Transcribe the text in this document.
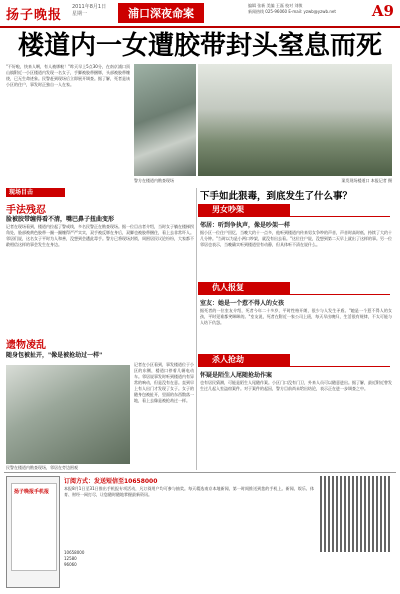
扬子晚报
2011年8月1日
星期一	浦口深夜命案
编辑 张新 美编 王磊 校对 刘敏
新闻热线 025-96060 E-mail: yzwb@yzwb.net	A9
楼道内一女遭胶带封头窒息而死
"不好啦，快来人啊，有人被绑啦！"昨天早上5点30分，在南京浦口顶山镇附近一小区楼道内发现一名女子，手脚被胶带捆绑，头部被胶带缠绕，已无生命迹象。民警赶到现场后立即展开调查。据了解，死者是该小区的住户，事发时正独自一人在家。
警方在楼道内勘查现场	案发现场楼道口 本报记者 摄
下手如此狠毒，到底发生了什么事？
现场目击
手法残忍
脸被胶带缠得看不清，嘴巴鼻子扭曲变形
记者在现场看到，楼道内拉起了警戒线，多名民警正在勘查现场。据一位目击者介绍，当时女子躺在楼梯拐角处，脸部被黄色胶带一圈一圈缠得严严实实，双手被反绑在身后，双脚也被胶带捆住，看上去非常吓人。邻居们说，这名女子平时为人和善，没想到会遭此毒手。警方已将现场封锁，周围居民议论纷纷，大家都不敢相信这样的事会发生在身边。
遗物凌乱
随身包被扯开，"像是被抢劫过一样"
民警在楼道内勘查现场，邻居在旁边围观
记者在小区看到，事发楼道位于小区的东侧，楼道口停着几辆电动车。邻居说事发时听到楼道内有异常的响动，但是没有在意。直到早上有人出门才发现了女子。女子的随身包被扯开，里面的东西散落一地，看上去像是被抢劫过一样。
男女吵架
邻居：听到争执声，像是吵架一样
据小区一位住户回忆，当晚大约十一点多，他听到楼道内传来男女争吵的声音，声音时高时低，持续了大约十几分钟。"当时以为是小两口吵架，就没有出去看。"这位住户说，没想到第二天早上就出了这样的事。另一位邻居也表示，当晚确实听到楼道里有动静，但具体听不清在说什么。
仇人报复
室友：她是一个惹不得人的女孩
据死者的一位室友介绍，死者今年二十多岁，平时性格开朗，很少与人发生矛盾。"她是一个惹不得人的女孩，平时见谁都笑眯眯的。"室友说，死者在附近一家公司上班，每天早出晚归，生活很有规律，不太可能与人结下仇怨。
杀人抢劫
怀疑是陌生人尾随抢劫作案
也有居民猜测，可能是陌生人尾随作案。小区门口没有门卫，外来人员可以随意进出。据了解，最近附近曾发生过几起入室盗窃案件。对于案件的起因，警方目前尚未给出结论，表示正在进一步调查之中。
扬子晚报手机报
订阅方式：发送短信至10658000
本报8月1日至31日推出手机报专项活动，凡订阅用户均可参与抽奖。每天精选南京本地新闻，第一时间推送到您的手机上。新闻、娱乐、体育、财经一网打尽，让您随时随地掌握最新资讯。
10658000
12580
96060
